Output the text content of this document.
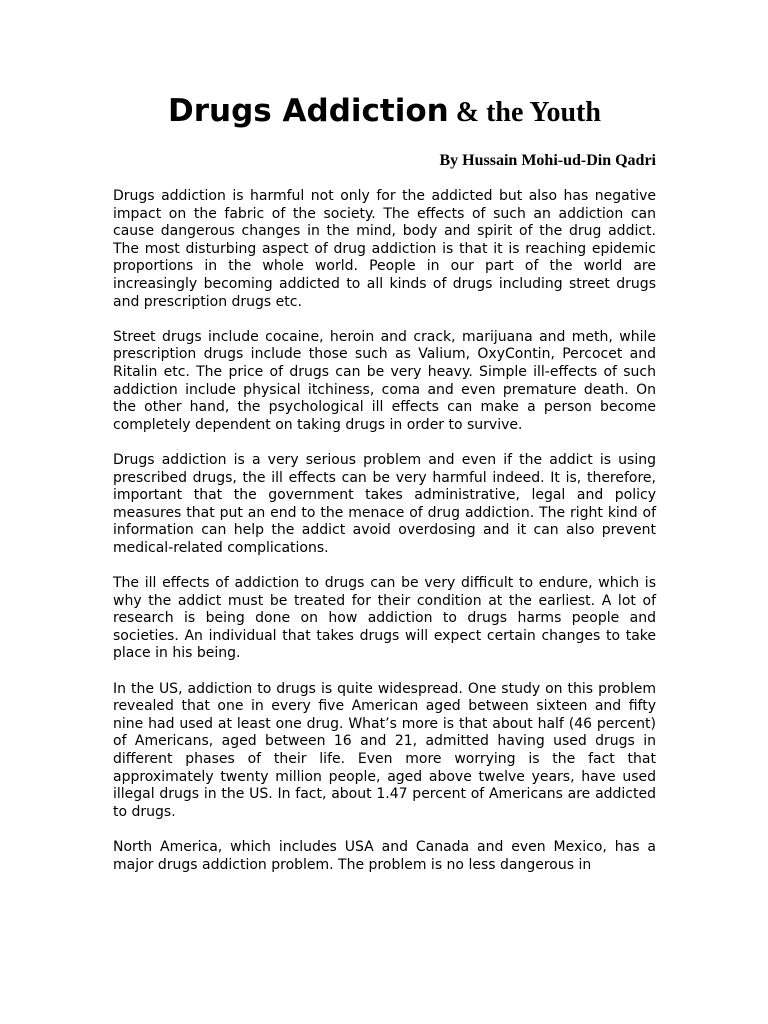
Drugs Addiction & the Youth

By Hussain Mohi-ud-Din Qadri

Drugs addiction is harmful not only for the addicted but also has negative impact on the fabric of the society. The effects of such an addiction can cause dangerous changes in the mind, body and spirit of the drug addict. The most disturbing aspect of drug addiction is that it is reaching epidemic proportions in the whole world. People in our part of the world are increasingly becoming addicted to all kinds of drugs including street drugs and prescription drugs etc.

Street drugs include cocaine, heroin and crack, marijuana and meth, while prescription drugs include those such as Valium, OxyContin, Percocet and Ritalin etc. The price of drugs can be very heavy. Simple ill-effects of such addiction include physical itchiness, coma and even premature death. On the other hand, the psychological ill effects can make a person become completely dependent on taking drugs in order to survive.

Drugs addiction is a very serious problem and even if the addict is using prescribed drugs, the ill effects can be very harmful indeed. It is, therefore, important that the government takes administrative, legal and policy measures that put an end to the menace of drug addiction. The right kind of information can help the addict avoid overdosing and it can also prevent medical-related complications.

The ill effects of addiction to drugs can be very difficult to endure, which is why the addict must be treated for their condition at the earliest. A lot of research is being done on how addiction to drugs harms people and societies. An individual that takes drugs will expect certain changes to take place in his being.

In the US, addiction to drugs is quite widespread. One study on this problem revealed that one in every five American aged between sixteen and fifty nine had used at least one drug. What’s more is that about half (46 percent) of Americans, aged between 16 and 21, admitted having used drugs in different phases of their life. Even more worrying is the fact that approximately twenty million people, aged above twelve years, have used illegal drugs in the US. In fact, about 1.47 percent of Americans are addicted to drugs.

North America, which includes USA and Canada and even Mexico, has a major drugs addiction problem. The problem is no less dangerous in
